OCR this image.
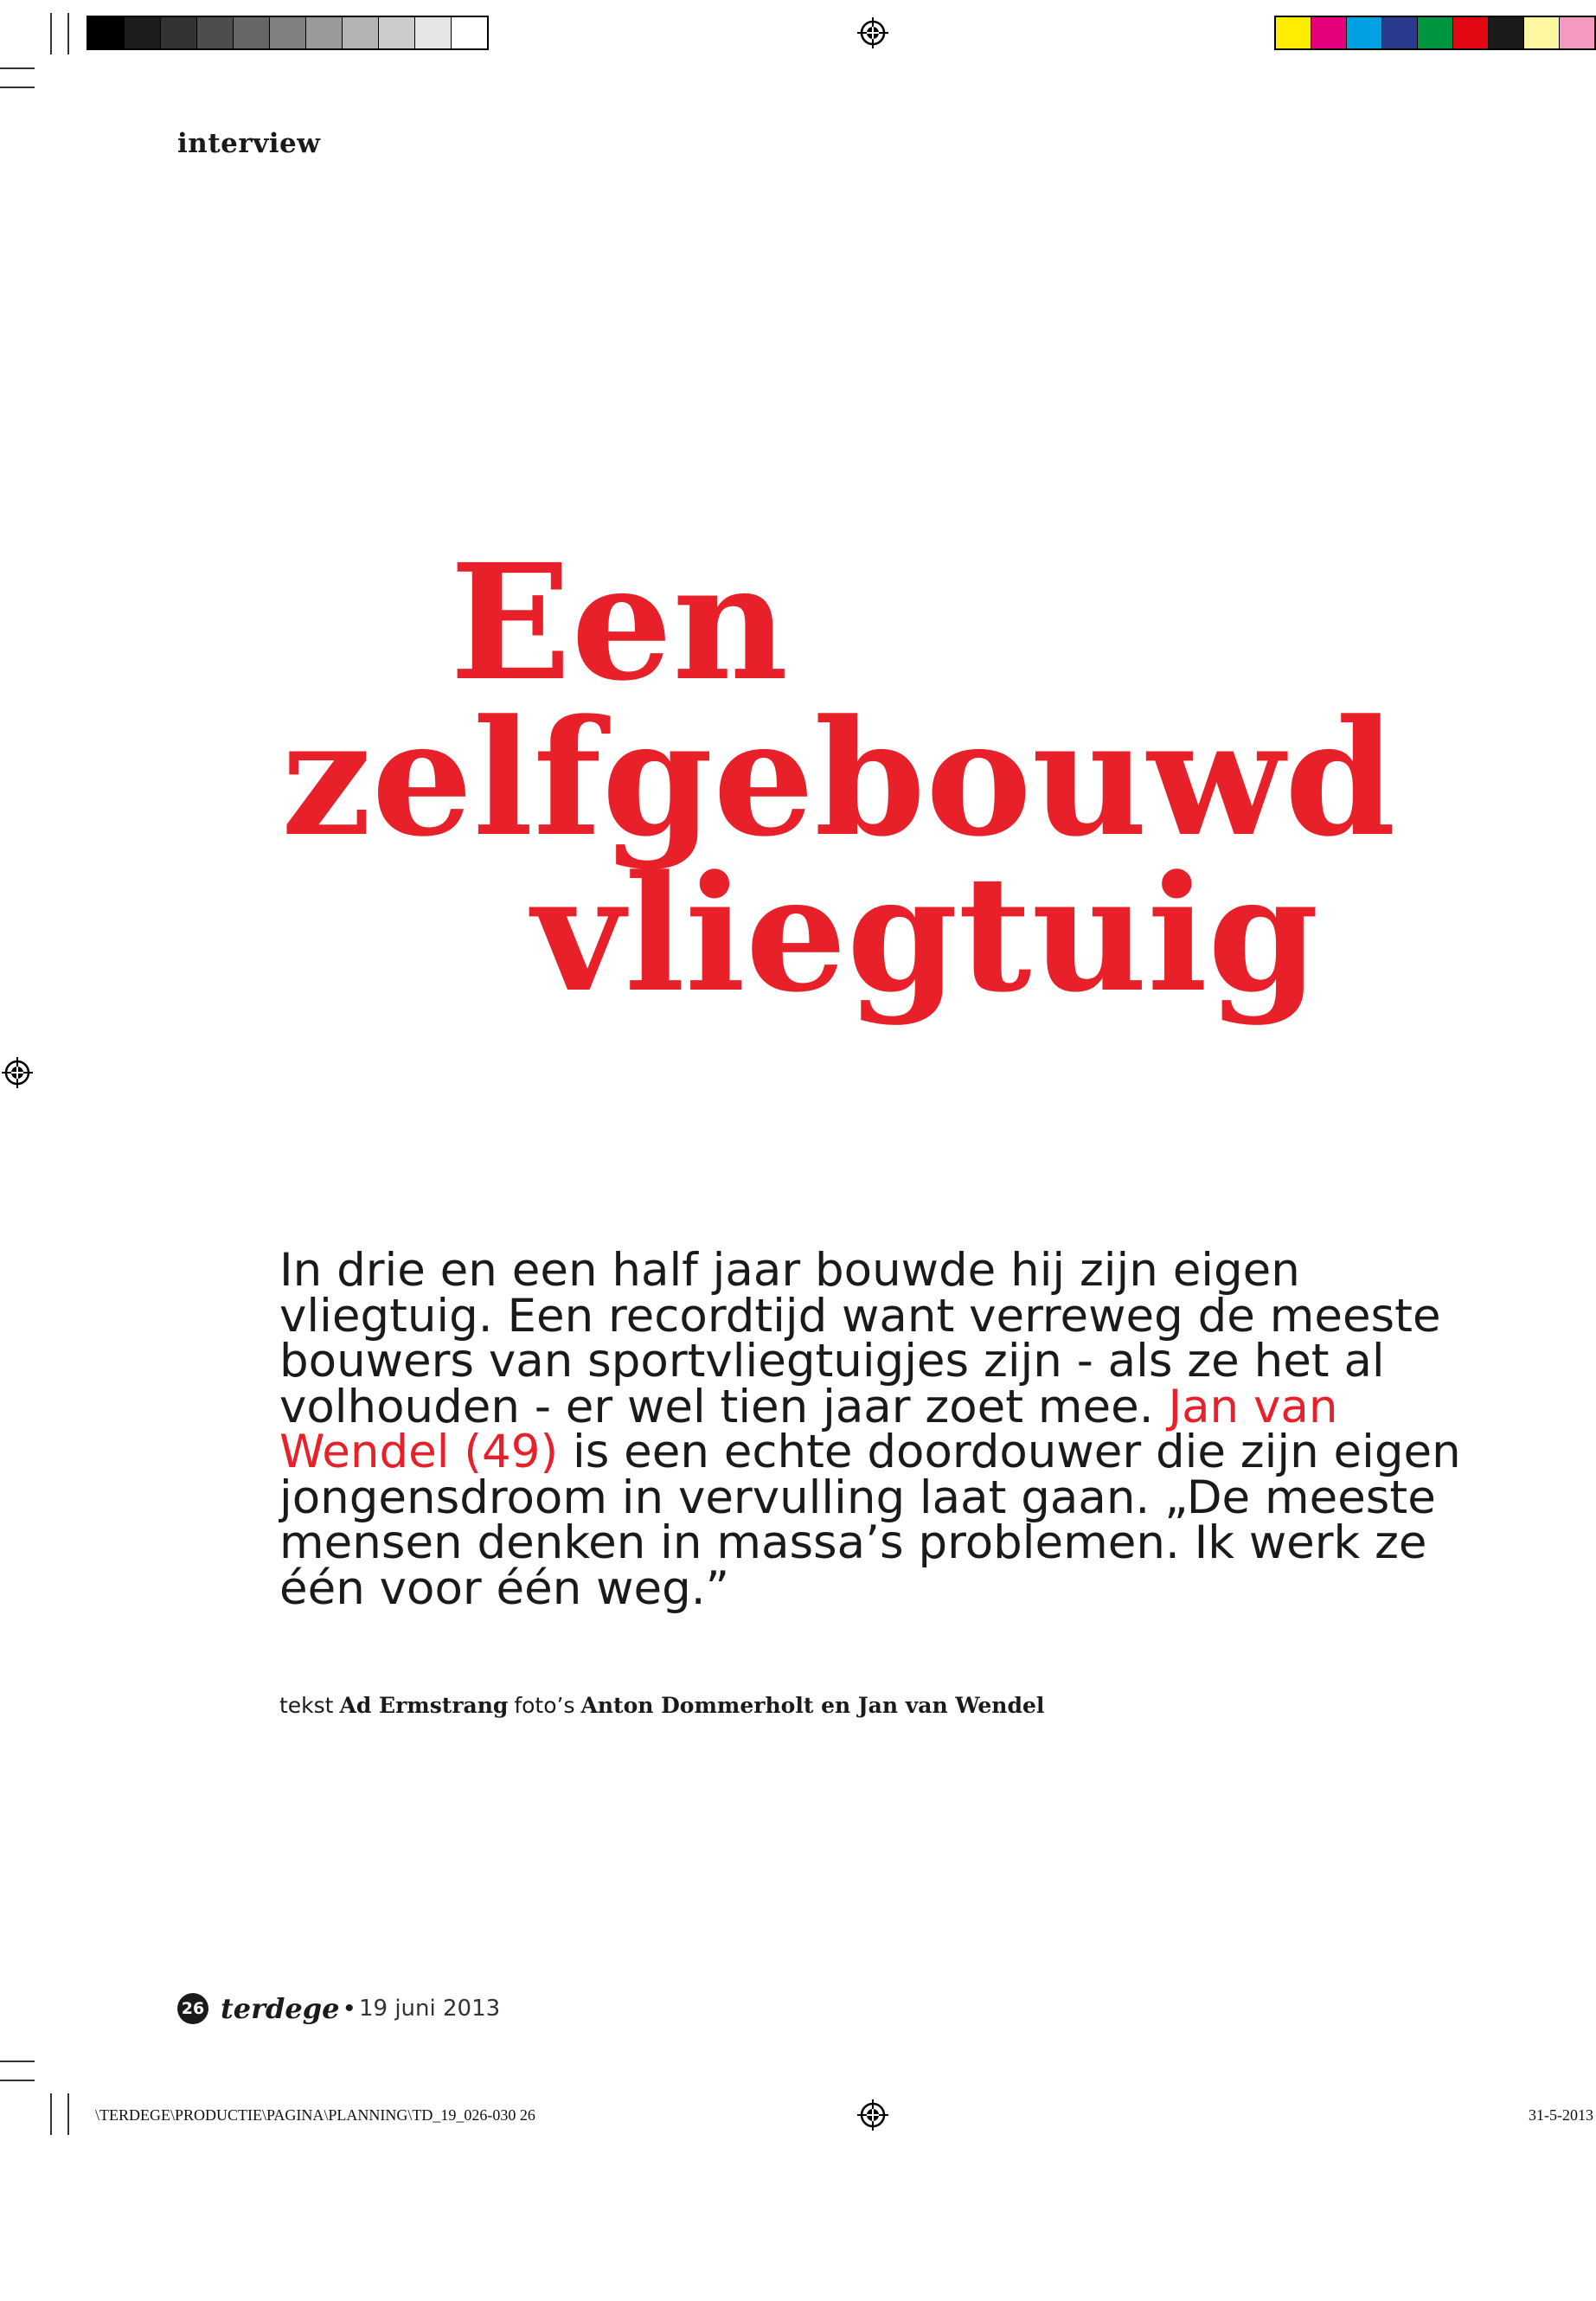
interview
Een
zelfgebouwd
vliegtuig
In drie en een half jaar bouwde hij zijn eigen vliegtuig. Een recordtijd want verreweg de meeste bouwers van sportvliegtuigjes zijn - als ze het al volhouden - er wel tien jaar zoet mee. Jan van Wendel (49) is een echte doordouwer die zijn eigen jongensdroom in vervulling laat gaan. „De meeste mensen denken in massa’s problemen. Ik werk ze één voor één weg.”
tekst Ad Ermstrang foto’s Anton Dommerholt en Jan van Wendel
26 terdege • 19 juni 2013
\TERDEGE\PRODUCTIE\PAGINA\PLANNING\TD_19_026-030 26	31-5-2013
